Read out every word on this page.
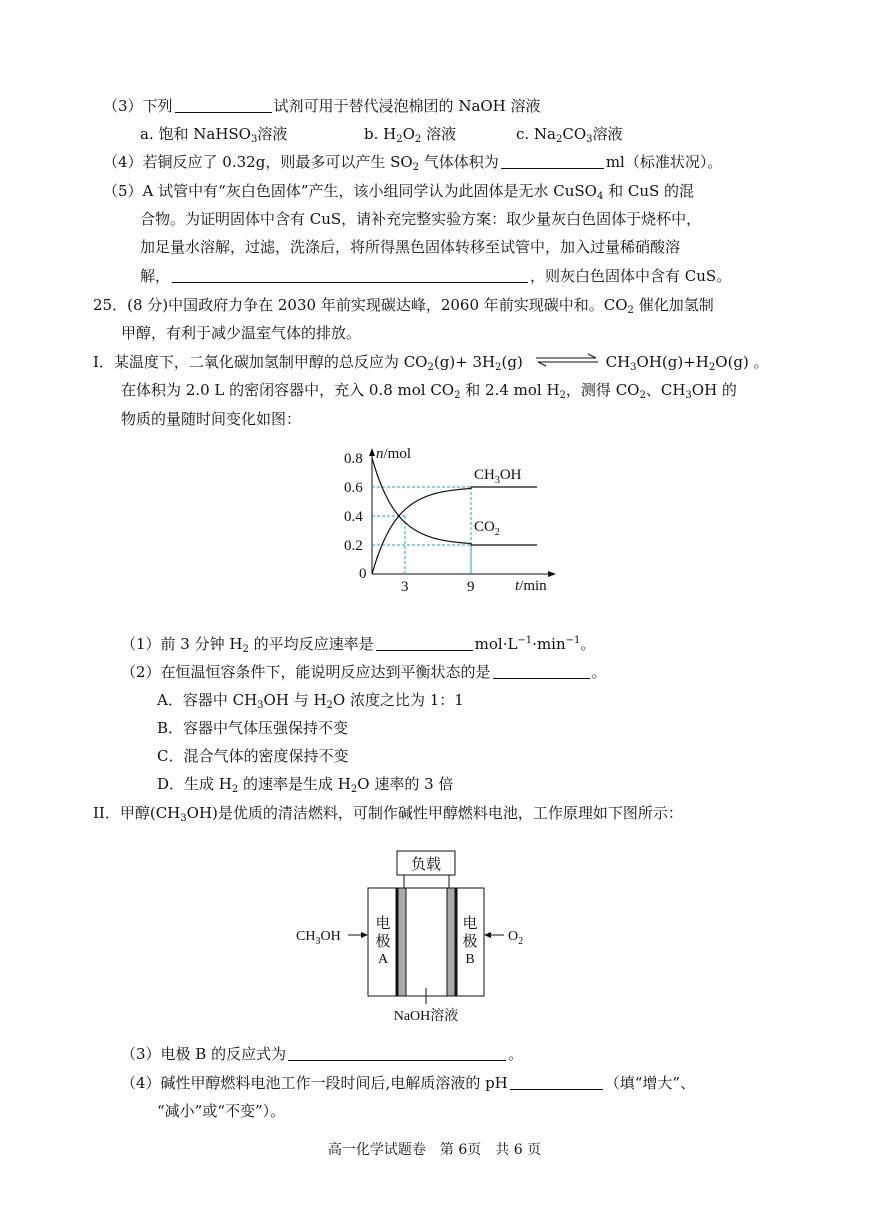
（3）下列	试剂可用于替代浸泡棉团的 NaOH 溶液
a. 饱和 NaHSO$_3$溶液	b. $H_2O_2$ 溶液	c. $Na_2CO_3$溶液
（4）若铜反应了 0.32g，则最多可以产生 $SO_2$ 气体体积为	ml（标准状况）。
（5）A 试管中有“灰白色固体”产生，该小组同学认为此固体是无水 CuSO$_4$ 和 CuS 的混
合物。为证明固体中含有 CuS，请补充完整实验方案：取少量灰白色固体于烧杯中，
加足量水溶解，过滤，洗涤后，将所得黑色固体转移至试管中，加入过量稀硝酸溶
解，	，则灰白色固体中含有 CuS。
25．(8 分)中国政府力争在 2030 年前实现碳达峰，2060 年前实现碳中和。$CO_2$ 催化加氢制
甲醇，有利于减少温室气体的排放。
I．某温度下，二氧化碳加氢制甲醇的总反应为 $CO_2(g)+ 3H_2(g)$	$CH_3OH(g)+H_2O(g)$ 。
在体积为 2.0 L 的密闭容器中，充入 0.8 mol $CO_2$ 和 2.4 mol $H_2$，测得 $CO_2$、$CH_3OH$ 的
物质的量随时间变化如图：
n/mol
t/min
0
0.2
0.4
0.6
0.8
3	9
$CH_3OH$
$CO_2$
（1）前 3 分钟 $H_2$ 的平均反应速率是	$mol\cdot L^{-1}\cdot\min^{-1}$。
（2）在恒温恒容条件下，能说明反应达到平衡状态的是	。
A．容器中 $CH_3OH$ 与 $H_2O$ 浓度之比为 1：1
B．容器中气体压强保持不变
C．混合气体的密度保持不变
D．生成 $H_2$ 的速率是生成 $H_2O$ 速率的 3 倍
II．甲醇$(CH_3OH)$是优质的清洁燃料，可制作碱性甲醇燃料电池，工作原理如下图所示：
负载
电
极
A
电
极
B
$CH_3OH$	$O_2$
NaOH溶液
（3）电极 B 的反应式为	。
（4）碱性甲醇燃料电池工作一段时间后,电解质溶液的 pH	（填“增大”、
“减小”或“不变”）。
高一化学试题卷　第 6页　共 6 页
